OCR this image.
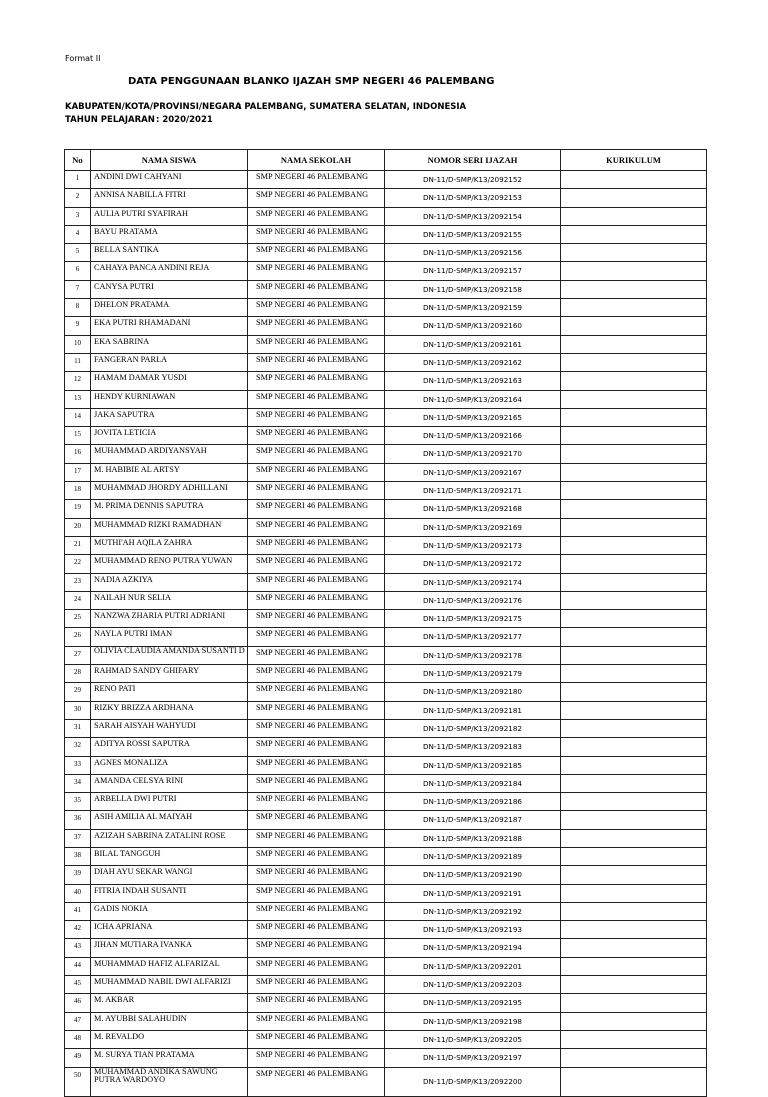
Format II
DATA PENGGUNAAN BLANKO IJAZAH SMP NEGERI 46 PALEMBANG
KABUPATEN/KOTA/PROVINSI/NEGARA: PALEMBANG, SUMATERA SELATAN, INDONESIA
TAHUN PELAJARAN: 2020/2021
No	NAMA SISWA	NAMA SEKOLAH	NOMOR SERI IJAZAH	KURIKULUM
1	ANDINI DWI CAHYANI	SMP NEGERI 46 PALEMBANG	DN-11/D-SMP/K13/2092152	
2	ANNISA NABILLA FITRI	SMP NEGERI 46 PALEMBANG	DN-11/D-SMP/K13/2092153	
3	AULIA PUTRI SYAFIRAH	SMP NEGERI 46 PALEMBANG	DN-11/D-SMP/K13/2092154	
4	BAYU PRATAMA	SMP NEGERI 46 PALEMBANG	DN-11/D-SMP/K13/2092155	
5	BELLA SANTIKA	SMP NEGERI 46 PALEMBANG	DN-11/D-SMP/K13/2092156	
6	CAHAYA PANCA ANDINI REJA	SMP NEGERI 46 PALEMBANG	DN-11/D-SMP/K13/2092157	
7	CANYSA PUTRI	SMP NEGERI 46 PALEMBANG	DN-11/D-SMP/K13/2092158	
8	DHELON PRATAMA	SMP NEGERI 46 PALEMBANG	DN-11/D-SMP/K13/2092159	
9	EKA PUTRI RHAMADANI	SMP NEGERI 46 PALEMBANG	DN-11/D-SMP/K13/2092160	
10	EKA SABRINA	SMP NEGERI 46 PALEMBANG	DN-11/D-SMP/K13/2092161	
11	FANGERAN PARLA	SMP NEGERI 46 PALEMBANG	DN-11/D-SMP/K13/2092162	
12	HAMAM DAMAR YUSDI	SMP NEGERI 46 PALEMBANG	DN-11/D-SMP/K13/2092163	
13	HENDY KURNIAWAN	SMP NEGERI 46 PALEMBANG	DN-11/D-SMP/K13/2092164	
14	JAKA SAPUTRA	SMP NEGERI 46 PALEMBANG	DN-11/D-SMP/K13/2092165	
15	JOVITA LETICIA	SMP NEGERI 46 PALEMBANG	DN-11/D-SMP/K13/2092166	
16	MUHAMMAD ARDIYANSYAH	SMP NEGERI 46 PALEMBANG	DN-11/D-SMP/K13/2092170	
17	M. HABIBIE AL ARTSY	SMP NEGERI 46 PALEMBANG	DN-11/D-SMP/K13/2092167	
18	MUHAMMAD JHORDY ADHILLANI	SMP NEGERI 46 PALEMBANG	DN-11/D-SMP/K13/2092171	
19	M. PRIMA DENNIS SAPUTRA	SMP NEGERI 46 PALEMBANG	DN-11/D-SMP/K13/2092168	
20	MUHAMMAD RIZKI RAMADHAN	SMP NEGERI 46 PALEMBANG	DN-11/D-SMP/K13/2092169	
21	MUTHI'AH AQILA ZAHRA	SMP NEGERI 46 PALEMBANG	DN-11/D-SMP/K13/2092173	
22	MUHAMMAD RENO PUTRA YUWAN	SMP NEGERI 46 PALEMBANG	DN-11/D-SMP/K13/2092172	
23	NADIA AZKIYA	SMP NEGERI 46 PALEMBANG	DN-11/D-SMP/K13/2092174	
24	NAILAH NUR SELIA	SMP NEGERI 46 PALEMBANG	DN-11/D-SMP/K13/2092176	
25	NANZWA ZHARIA PUTRI ADRIANI	SMP NEGERI 46 PALEMBANG	DN-11/D-SMP/K13/2092175	
26	NAYLA PUTRI IMAN	SMP NEGERI 46 PALEMBANG	DN-11/D-SMP/K13/2092177	
27	OLIVIA CLAUDIA AMANDA SUSANTI D	SMP NEGERI 46 PALEMBANG	DN-11/D-SMP/K13/2092178	
28	RAHMAD SANDY GHIFARY	SMP NEGERI 46 PALEMBANG	DN-11/D-SMP/K13/2092179	
29	RENO PATI	SMP NEGERI 46 PALEMBANG	DN-11/D-SMP/K13/2092180	
30	RIZKY BRIZZA ARDHANA	SMP NEGERI 46 PALEMBANG	DN-11/D-SMP/K13/2092181	
31	SARAH AISYAH WAHYUDI	SMP NEGERI 46 PALEMBANG	DN-11/D-SMP/K13/2092182	
32	ADITYA ROSSI SAPUTRA	SMP NEGERI 46 PALEMBANG	DN-11/D-SMP/K13/2092183	
33	AGNES MONALIZA	SMP NEGERI 46 PALEMBANG	DN-11/D-SMP/K13/2092185	
34	AMANDA CELSYA RINI	SMP NEGERI 46 PALEMBANG	DN-11/D-SMP/K13/2092184	
35	ARBELLA DWI PUTRI	SMP NEGERI 46 PALEMBANG	DN-11/D-SMP/K13/2092186	
36	ASIH AMILIA AL MAIYAH	SMP NEGERI 46 PALEMBANG	DN-11/D-SMP/K13/2092187	
37	AZIZAH SABRINA ZATALINI ROSE	SMP NEGERI 46 PALEMBANG	DN-11/D-SMP/K13/2092188	
38	BILAL TANGGUH	SMP NEGERI 46 PALEMBANG	DN-11/D-SMP/K13/2092189	
39	DIAH AYU SEKAR WANGI	SMP NEGERI 46 PALEMBANG	DN-11/D-SMP/K13/2092190	
40	FITRIA INDAH SUSANTI	SMP NEGERI 46 PALEMBANG	DN-11/D-SMP/K13/2092191	
41	GADIS NOKIA	SMP NEGERI 46 PALEMBANG	DN-11/D-SMP/K13/2092192	
42	ICHA APRIANA	SMP NEGERI 46 PALEMBANG	DN-11/D-SMP/K13/2092193	
43	JIHAN MUTIARA IVANKA	SMP NEGERI 46 PALEMBANG	DN-11/D-SMP/K13/2092194	
44	MUHAMMAD HAFIZ ALFARIZAL	SMP NEGERI 46 PALEMBANG	DN-11/D-SMP/K13/2092201	
45	MUHAMMAD NABIL DWI ALFARIZI	SMP NEGERI 46 PALEMBANG	DN-11/D-SMP/K13/2092203	
46	M. AKBAR	SMP NEGERI 46 PALEMBANG	DN-11/D-SMP/K13/2092195	
47	M. AYUBBI SALAHUDIN	SMP NEGERI 46 PALEMBANG	DN-11/D-SMP/K13/2092198	
48	M. REVALDO	SMP NEGERI 46 PALEMBANG	DN-11/D-SMP/K13/2092205	
49	M. SURYA TIAN PRATAMA	SMP NEGERI 46 PALEMBANG	DN-11/D-SMP/K13/2092197	
50	MUHAMMAD ANDIKA SAWUNG PUTRA WARDOYO	SMP NEGERI 46 PALEMBANG	DN-11/D-SMP/K13/2092200	
